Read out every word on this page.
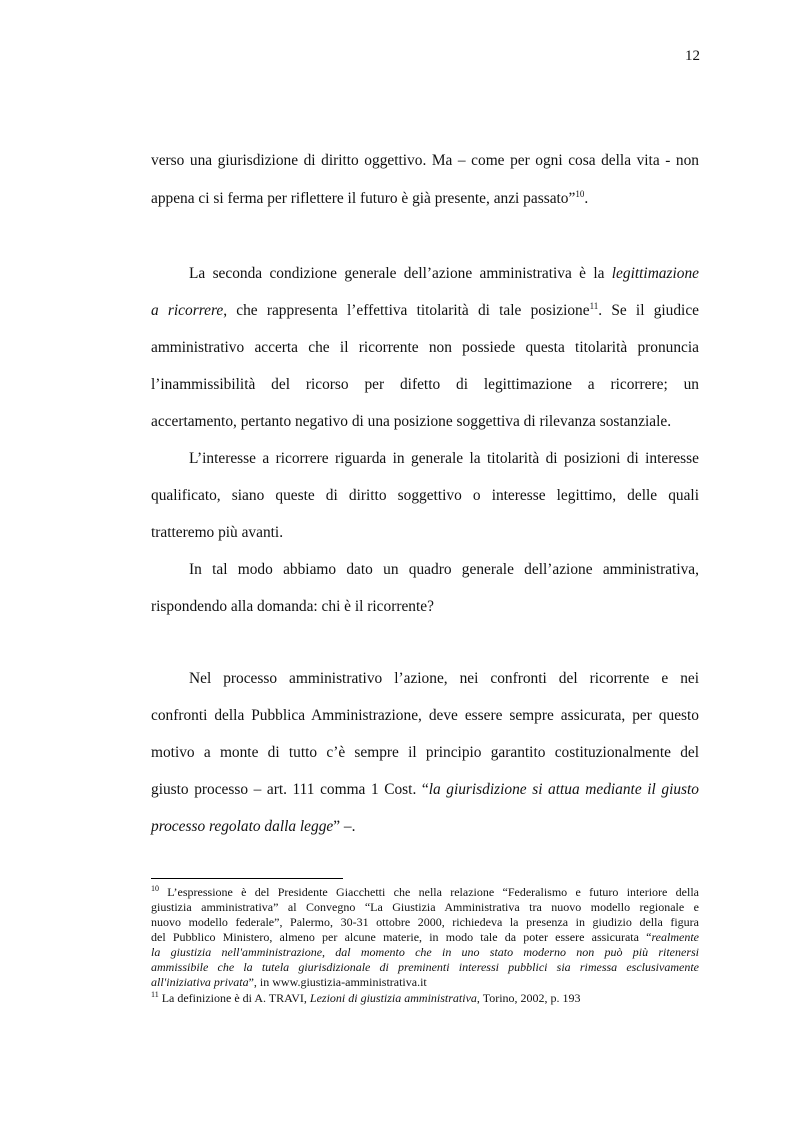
12
verso una giurisdizione di diritto oggettivo. Ma – come per ogni cosa della vita - non
appena ci si ferma per riflettere il futuro è già presente, anzi passato”$^{10}$.
La seconda condizione generale dell’azione amministrativa è la legittimazione
a ricorrere, che rappresenta l’effettiva titolarità di tale posizione$^{11}$. Se il giudice
amministrativo accerta che il ricorrente non possiede questa titolarità pronuncia
l’inammissibilità del ricorso per difetto di legittimazione a ricorrere; un
accertamento, pertanto negativo di una posizione soggettiva di rilevanza sostanziale.
L’interesse a ricorrere riguarda in generale la titolarità di posizioni di interesse
qualificato, siano queste di diritto soggettivo o interesse legittimo, delle quali
tratteremo più avanti.
In tal modo abbiamo dato un quadro generale dell’azione amministrativa,
rispondendo alla domanda: chi è il ricorrente?
Nel processo amministrativo l’azione, nei confronti del ricorrente e nei
confronti della Pubblica Amministrazione, deve essere sempre assicurata, per questo
motivo a monte di tutto c’è sempre il principio garantito costituzionalmente del
giusto processo – art. 111 comma 1 Cost. “la giurisdizione si attua mediante il giusto
processo regolato dalla legge” –.
$^{10}$ L’espressione è del Presidente Giacchetti che nella relazione “Federalismo e futuro interiore della
giustizia amministrativa” al Convegno “La Giustizia Amministrativa tra nuovo modello regionale e
nuovo modello federale”, Palermo, 30-31 ottobre 2000, richiedeva la presenza in giudizio della figura
del Pubblico Ministero, almeno per alcune materie, in modo tale da poter essere assicurata “realmente
la giustizia nell'amministrazione, dal momento che in uno stato moderno non può più ritenersi
ammissibile che la tutela giurisdizionale di preminenti interessi pubblici sia rimessa esclusivamente
all'iniziativa privata”, in www.giustizia-amministrativa.it
$^{11}$ La definizione è di A. TRAVI, Lezioni di giustizia amministrativa, Torino, 2002, p. 193
